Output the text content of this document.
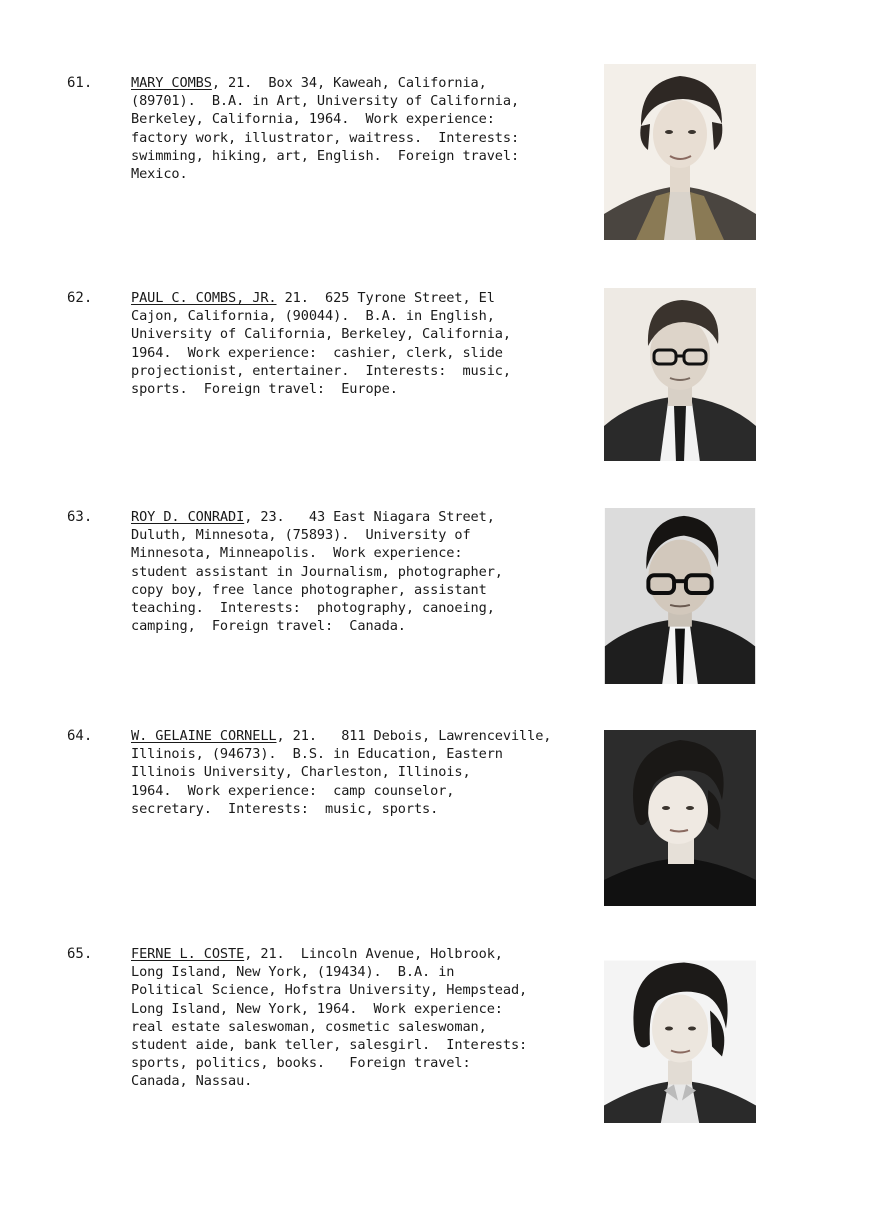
61.	MARY COMBS, 21.  Box 34, Kaweah, California,
(89701).  B.A. in Art, University of California,
Berkeley, California, 1964.  Work experience:
factory work, illustrator, waitress.  Interests:
swimming, hiking, art, English.  Foreign travel:
Mexico.
62.	PAUL C. COMBS, JR. 21.  625 Tyrone Street, El
Cajon, California, (90044).  B.A. in English,
University of California, Berkeley, California,
1964.  Work experience:  cashier, clerk, slide
projectionist, entertainer.  Interests:  music,
sports.  Foreign travel:  Europe.
63.	ROY D. CONRADI, 23.   43 East Niagara Street,
Duluth, Minnesota, (75893).  University of
Minnesota, Minneapolis.  Work experience:
student assistant in Journalism, photographer,
copy boy, free lance photographer, assistant
teaching.  Interests:  photography, canoeing,
camping,  Foreign travel:  Canada.
64.	W. GELAINE CORNELL, 21.   811 Debois, Lawrenceville,
Illinois, (94673).  B.S. in Education, Eastern
Illinois University, Charleston, Illinois,
1964.  Work experience:  camp counselor,
secretary.  Interests:  music, sports.
65.	FERNE L. COSTE, 21.  Lincoln Avenue, Holbrook,
Long Island, New York, (19434).  B.A. in
Political Science, Hofstra University, Hempstead,
Long Island, New York, 1964.  Work experience:
real estate saleswoman, cosmetic saleswoman,
student aide, bank teller, salesgirl.  Interests:
sports, politics, books.   Foreign travel:
Canada, Nassau.
